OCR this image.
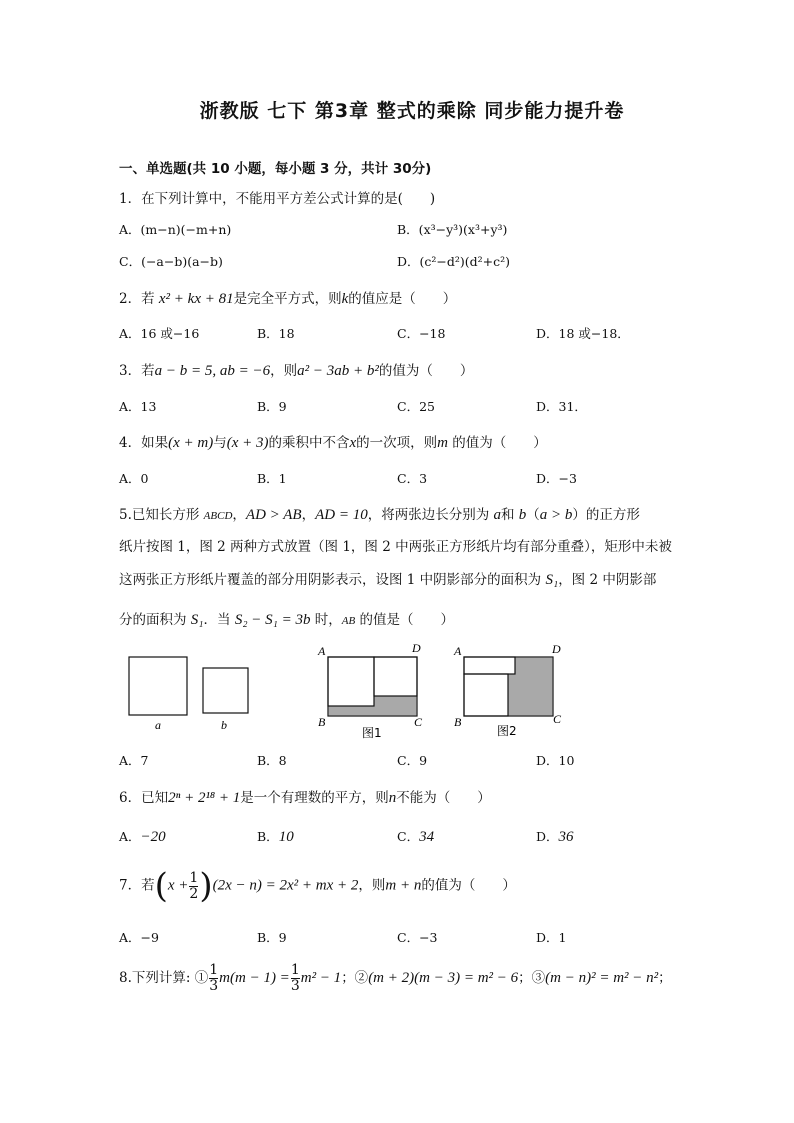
浙教版 七下 第3章 整式的乘除 同步能力提升卷
一、单选题(共 10 小题，每小题 3 分，共计 30分)
1．在下列计算中，不能用平方差公式计算的是(　　)
A．(m−n)(−m+n)	B．(x³−y³)(x³+y³)
C．(−a−b)(a−b)	D．(c²−d²)(d²+c²)
2．若 x² + kx + 81是完全平方式，则k的值应是（　　）
A．16 或−16	B．18	C．−18	D．18 或−18．
3．若a − b = 5, ab = −6，则a² − 3ab + b²的值为（　　）
A．13	B．9	C．25	D．31．
4．如果(x + m)与(x + 3)的乘积中不含x的一次项，则m 的值为（　　）
A．0	B．1	C．3	D．−3
5.已知长方形 ABCD，AD > AB，AD = 10，将两张边长分别为 a和 b（a > b）的正方形
纸片按图 1，图 2 两种方式放置（图 1，图 2 中两张正方形纸片均有部分重叠），矩形中未被
这两张正方形纸片覆盖的部分用阴影表示，设图 1 中阴影部分的面积为 S₁，图 2 中阴影部
分的面积为 S₁．当 S₂ − S₁ = 3b 时，AB 的值是（　　）
a	b
A	D
B	C
图1
A	D
B	C
图2
A．7	B．8	C．9	D．10
6．已知2ⁿ + 2¹⁸ + 1是一个有理数的平方，则n不能为（　　）
A．−20	B．10	C．34	D．36
7．若$(x + \frac{1}{2} )(2x - n) = 2x^2$ + mx + 2，则m + n的值为（　　）
A．−9	B．9	C．−3	D．1
8.下列计算: ① $\frac{1}{3} m(m - 1) = \frac{1}{3} m^2 - 1$；②(m + 2)(m − 3) = m² − 6；③(m − n)² = m² − n²；
